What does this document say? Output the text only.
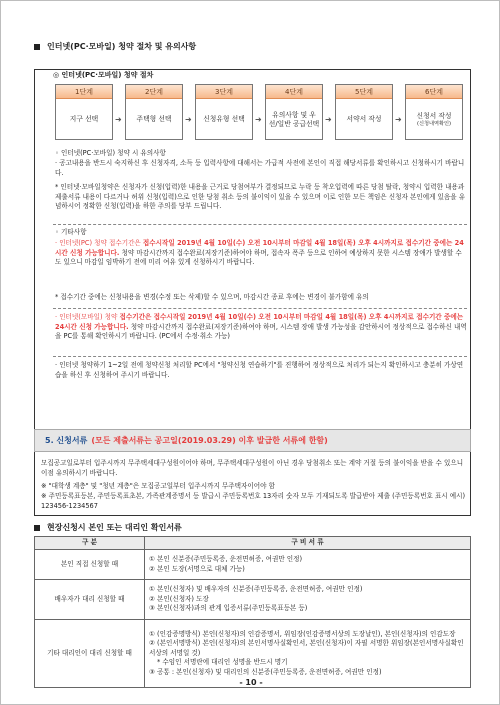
인터넷(PC·모바일) 청약 절차 및 유의사항
◎ 인터넷(PC·모바일) 청약 절차
1단계
지구 선택	➜
2단계
주택형 선택	➜
3단계
신청유형 선택	➜
4단계
유의사항 및 우선/일반 공급선택 ➜
5단계
서약서 작성	➜
6단계
신청서 작성
(신청내역확인)
◦ 인터넷(PC·모바일) 청약 시 유의사항
· 공고내용을 반드시 숙지하신 후 신청자격, 소득 등 입력사항에 대해서는 가급적 사전에 본인이 직접 해당서류를 확인하시고 신청하시기 바랍니다.
* 인터넷·모바일청약은 신청자가 신청(입력)한 내용을 근거로 당첨여부가 결정되므로 누락 등 착오입력에 따른 당첨 탈락, 청약시 입력한 내용과 제출서류 내용이 다르거나 허위 신청(입력)으로 인한 당첨 취소 등의 불이익이 있을 수 있으며 이로 인한 모든 책임은 신청자 본인에게 있음을 유념하시어 정확한 신청(입력)을 하한 주의를 당부 드립니다.
◦ 기타사항
· 인터넷(PC) 청약 접수기간은 접수시작일 2019년 4월 10일(수) 오전 10시부터 마감일 4월 18일(목) 오후 4시까지로 접수기간 중에는 24시간 신청 가능합니다. 청약 마감시간까지 접수완료(저장기준)하여야 하며, 접속자 폭주 등으로 인하여 예상하지 못한 시스템 장애가 발생할 수도 있으니 마감일 임박하기 전에 미리 여유 있게 신청하시기 바랍니다.
* 접수기간 중에는 신청내용을 변경(수정 또는 삭제)할 수 있으며, 마감시간 종료 후에는 변경이 불가함에 유의
· 인터넷(모바일) 청약 접수기간은 접수시작일 2019년 4월 10일(수) 오전 10시부터 마감일 4월 18일(목) 오후 4시까지로 접수기간 중에는 24시간 신청 가능합니다. 청약 마감시간까지 접수완료(저장기준)하여야 하며, 시스템 장애 발생 가능성을 감안하시어 정상적으로 접수하신 내역을 PC를 통해 확인하시기 바랍니다. (PC에서 수정·취소 가능)
· 인터넷 청약하기 1~2일 전에 청약신청 처리할 PC에서 "청약신청 연습하기"를 진행하여 정상적으로 처리가 되는지 확인하시고 충분히 가상연습을 하신 후 신청하여 주시기 바랍니다.
5. 신청서류 (모든 제출서류는 공고일(2019.03.29) 이후 발급한 서류에 한함)
모집공고일로부터 입주시까지 무주택세대구성원이어야 하며, 무주택세대구성원이 아닌 경우 당첨취소 또는 계약 거절 등의 불이익을 받을 수 있으니 이점 유의하시기 바랍니다.
※ "대학생 계층" 및 "청년 계층"은 모집공고일부터 입주시까지 무주택자이어야 함
※ 주민등록표등본, 주민등록표초본, 가족관계증명서 등 발급시 주민등록번호 13자리 숫자 모두 기재되도록 발급받아 제출 (주민등록번호 표시 예시) 123456-1234567
현장신청시 본인 또는 대리인 확인서류
구 분	구 비 서 류
본인 직접 신청할 때	① 본인 신분증(주민등록증, 운전면허증, 여권만 인정)
② 본인 도장(서명으로 대체 가능)

배우자가 대리 신청할 때	① 본인(신청자) 및 배우자의 신분증(주민등록증, 운전면허증, 여권만 인정)
② 본인(신청자) 도장
③ 본인(신청자)과의 관계 입증서류(주민등록표등본 등)

기타 대리인이 대리 신청할 때	① (인감증명방식) 본인(신청자)의 인감증명서, 위임장(인감증명서상의 도장날인), 본인(신청자)의 인감도장
② (본인서명방식) 본인(신청자)의 본인서명사실확인서, 본인(신청자)이 자필 서명한 위임장(본인서명사실확인서상의 서명일 것)
* 수임인 서명란에 대리인 성명을 반드시 명기
③ 공통 : 본인(신청자) 및 대리인의 신분증(주민등록증, 운전면허증, 여권만 인정)
- 10 -
